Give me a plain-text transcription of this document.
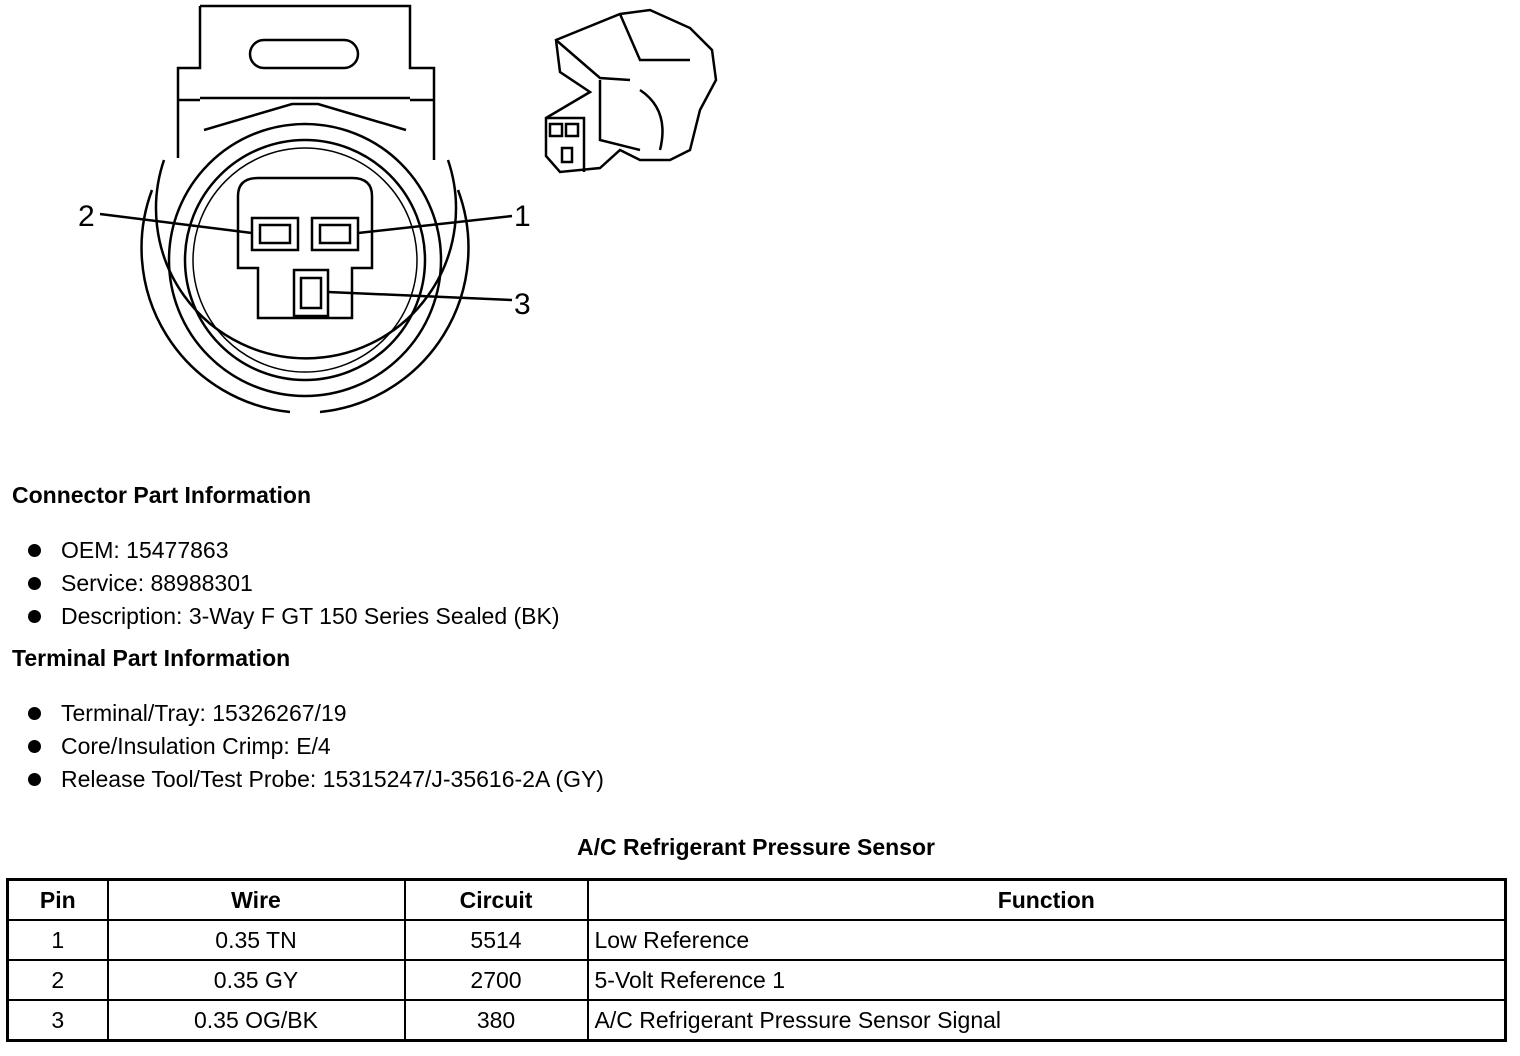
2	1
3
Connector Part Information
OEM: 15477863
Service: 88988301
Description: 3-Way F GT 150 Series Sealed (BK)
Terminal Part Information
Terminal/Tray: 15326267/19
Core/Insulation Crimp: E/4
Release Tool/Test Probe: 15315247/J-35616-2A (GY)
A/C Refrigerant Pressure Sensor
Pin	Wire	Circuit	Function
1	0.35 TN	5514	Low Reference
2	0.35 GY	2700	5-Volt Reference 1
3	0.35 OG/BK	380	A/C Refrigerant Pressure Sensor Signal
